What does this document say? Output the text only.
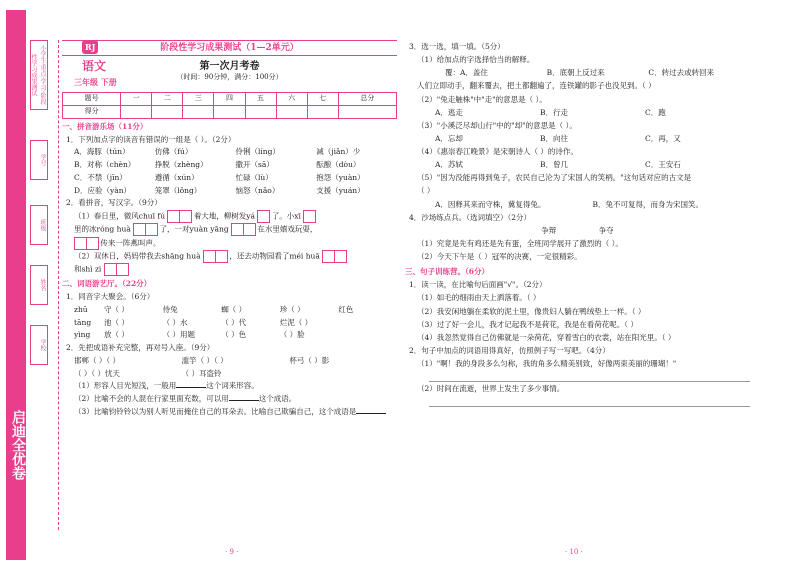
启迪全优卷
小学生·重点·学习·阶段性学习成果测试
学号
班级
姓名
学校
RJ	阶段性学习成果测试（1—2单元）
语文
三年级 下册
第一次月考卷
（时间：90分钟，满分：100分）
题号	一	二	三	四	五	六	七	总分
得分								
一、拼音游乐场（11分）
1．下列加点字的读音有错误的一组是（ ）。（2分）
A．海豚（tún）	仿佛（fú）	伶俐（líng）	减（jiǎn）少
B．对称（chèn）	挣脱（zhèng）	撒开（sā）	酝酿（dòu）
C．不禁（jīn）	遵循（xún）	忙碌（lù）	抱怨（yuàn）
D．应验（yàn）	笼罩（lǒng）	恼怒（nǎo）	支援（yuán）
2．看拼音，写汉字。（9分）
（1）春日里，微风chuī fú	着大地，柳树发yá 了。小xī
里的冰róng huà	了，一对yuàn yāng	在水里嬉戏玩耍，
传来一阵燕叫声。
（2）双休日，妈妈带我去shāng huà	，还去动物园看了méi huā
和shì zi
二、词语游艺厅。（22分）
1．同音字大聚会。（6分）
zhū	守（ ）	侍兔	蜘（ ）	珍（ ）	红色
tāng	池（ ）	（ ）水	（ ）代	烂泥（ ）
yìng	放（ ）	（ ）用题	（ ）色	（ ）脸
2．先把成语补充完整，再对号入座。（9分）
邯郸（ ）（ ）	滥竽（ ）（ ）	杯弓（ ）影
（ ）（ ）忧天	（ ）耳盗铃
（1）形容人目光短浅，一般用	这个词来形容。
（2）比喻不会的人混在行家里面充数，可以用	这个成语。
（3）比喻钧铃铃以为别人听见而掩住自己的耳朵去。比喻自己欺骗自己，这个成语是
· 9 ·
3．选一选，填一填。（5分）
（1）给加点的字选择恰当的解释。
覆：A．盖住	B．底朝上反过来	C．转过去或转回来
人们立即动手，翻来覆去，把土都翻遍了，连铁罐的影子也没见到。（ ）
（2）"兔走触株"中"走"的意思是（ ）。
A．逃走	B．行走	C．跑
（3）"小溪泛尽却山行"中的"却"的意思是（ ）。
A．忘却	B．向往	C．再，又
（4）《惠崇春江晚景》是宋朝诗人（ ）的诗作。
A．苏轼	B．曾几	C．王安石
（5）"因为没能再得到兔子，农民自己沦为了宋国人的笑柄。"这句话对应的古文是
（ ）
A．因释其来而守株，冀复得兔。	B．兔不可复得，而身为宋国笑。
4．沙场练点兵。（选词填空）（2分）
争辩	争夺
（1）究竟是先有鸡还是先有蛋，全班同学展开了激烈的（ ）。
（2）今天下午是（ ）冠军的决赛，一定很精彩。
三、句子训练营。（6分）
1．读一读，在比喻句后面画"√"。（2分）
（1）如毛的细雨由天上洒落着。（ ）
（2）我安闲地躺在柔软的泥土里，像贵妇人躺在鸭绒垫上一样。（ ）
（3）过了好一会儿，我才记起我不是荷花，我是在看荷花呢。（ ）
（4）我忽然觉得自己仿佛就是一朵荷花，穿着雪白的衣裳，站在阳光里。（ ）
2．句子中加点的词语用得真好，仿照例子写一写吧。（4分）
（1）"啊！我的身段多么匀称，我的角多么精美别致，好像两束美丽的珊瑚！"
（2）时间在流逝，世界上发生了多少事情。
· 10 ·
